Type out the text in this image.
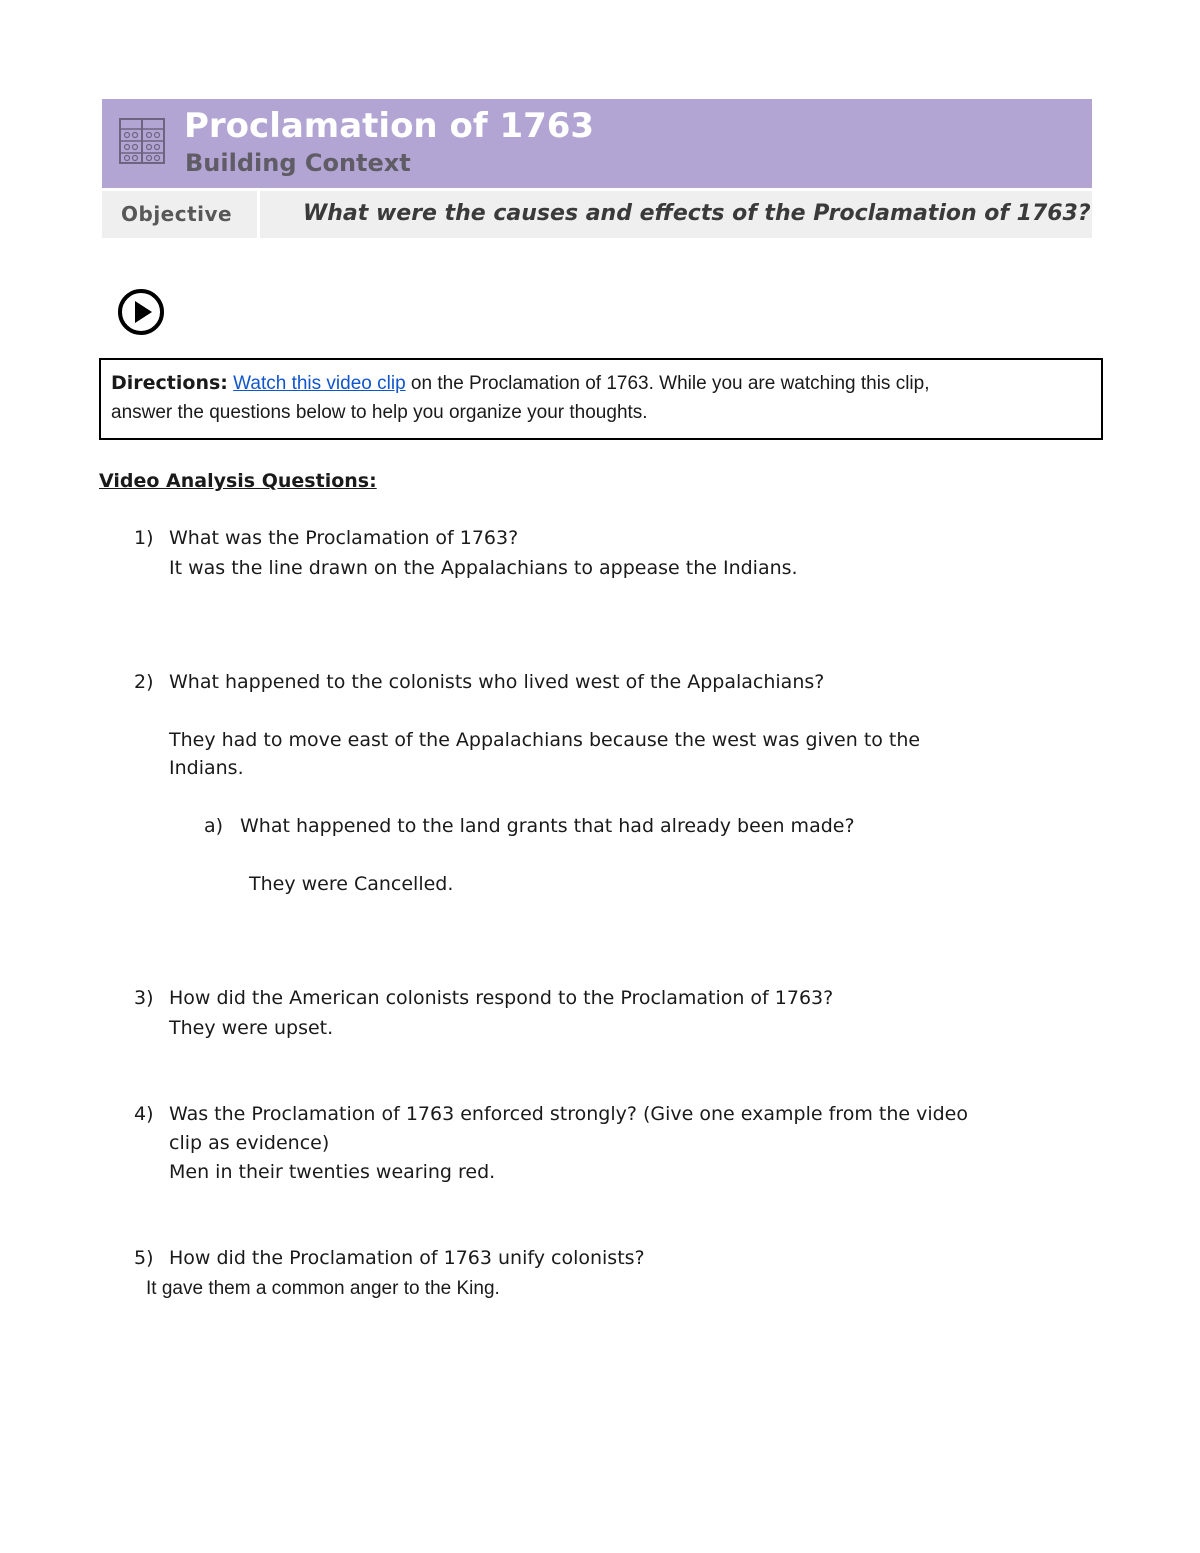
Proclamation of 1763
Building Context
Objective	What were the causes and effects of the Proclamation of 1763?
Directions: Watch this video clip on the Proclamation of 1763. While you are watching this clip,
answer the questions below to help you organize your thoughts.
Video Analysis Questions:
1) What was the Proclamation of 1763?
It was the line drawn on the Appalachians to appease the Indians.
2) What happened to the colonists who lived west of the Appalachians?
They had to move east of the Appalachians because the west was given to the
Indians.
a) What happened to the land grants that had already been made?
They were Cancelled.
3) How did the American colonists respond to the Proclamation of 1763?
They were upset.
4) Was the Proclamation of 1763 enforced strongly? (Give one example from the video
clip as evidence)
Men in their twenties wearing red.
5) How did the Proclamation of 1763 unify colonists?
It gave them a common anger to the King.
